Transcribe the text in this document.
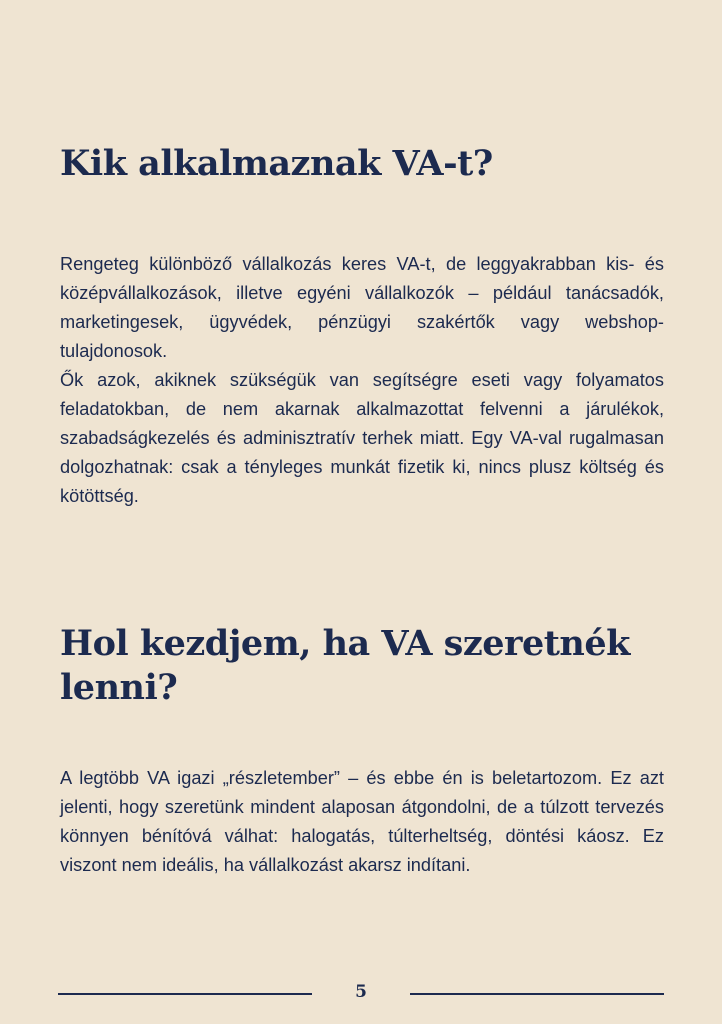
Kik alkalmaznak VA-t?

Rengeteg különböző vállalkozás keres VA-t, de leggyakrabban kis- és középvállalkozások, illetve egyéni vállalkozók – például tanácsadók, marketingesek, ügyvédek, pénzügyi szakértők vagy webshop-tulajdonosok.

Ők azok, akiknek szükségük van segítségre eseti vagy folyamatos feladatokban, de nem akarnak alkalmazottat felvenni a járulékok, szabadságkezelés és adminisztratív terhek miatt. Egy VA-val rugalmasan dolgozhatnak: csak a tényleges munkát fizetik ki, nincs plusz költség és kötöttség.

Hol kezdjem, ha VA szeretnék lenni?

A legtöbb VA igazi „részletember” – és ebbe én is beletartozom. Ez azt jelenti, hogy szeretünk mindent alaposan átgondolni, de a túlzott tervezés könnyen bénítóvá válhat: halogatás, túlterheltség, döntési káosz. Ez viszont nem ideális, ha vállalkozást akarsz indítani.

5
